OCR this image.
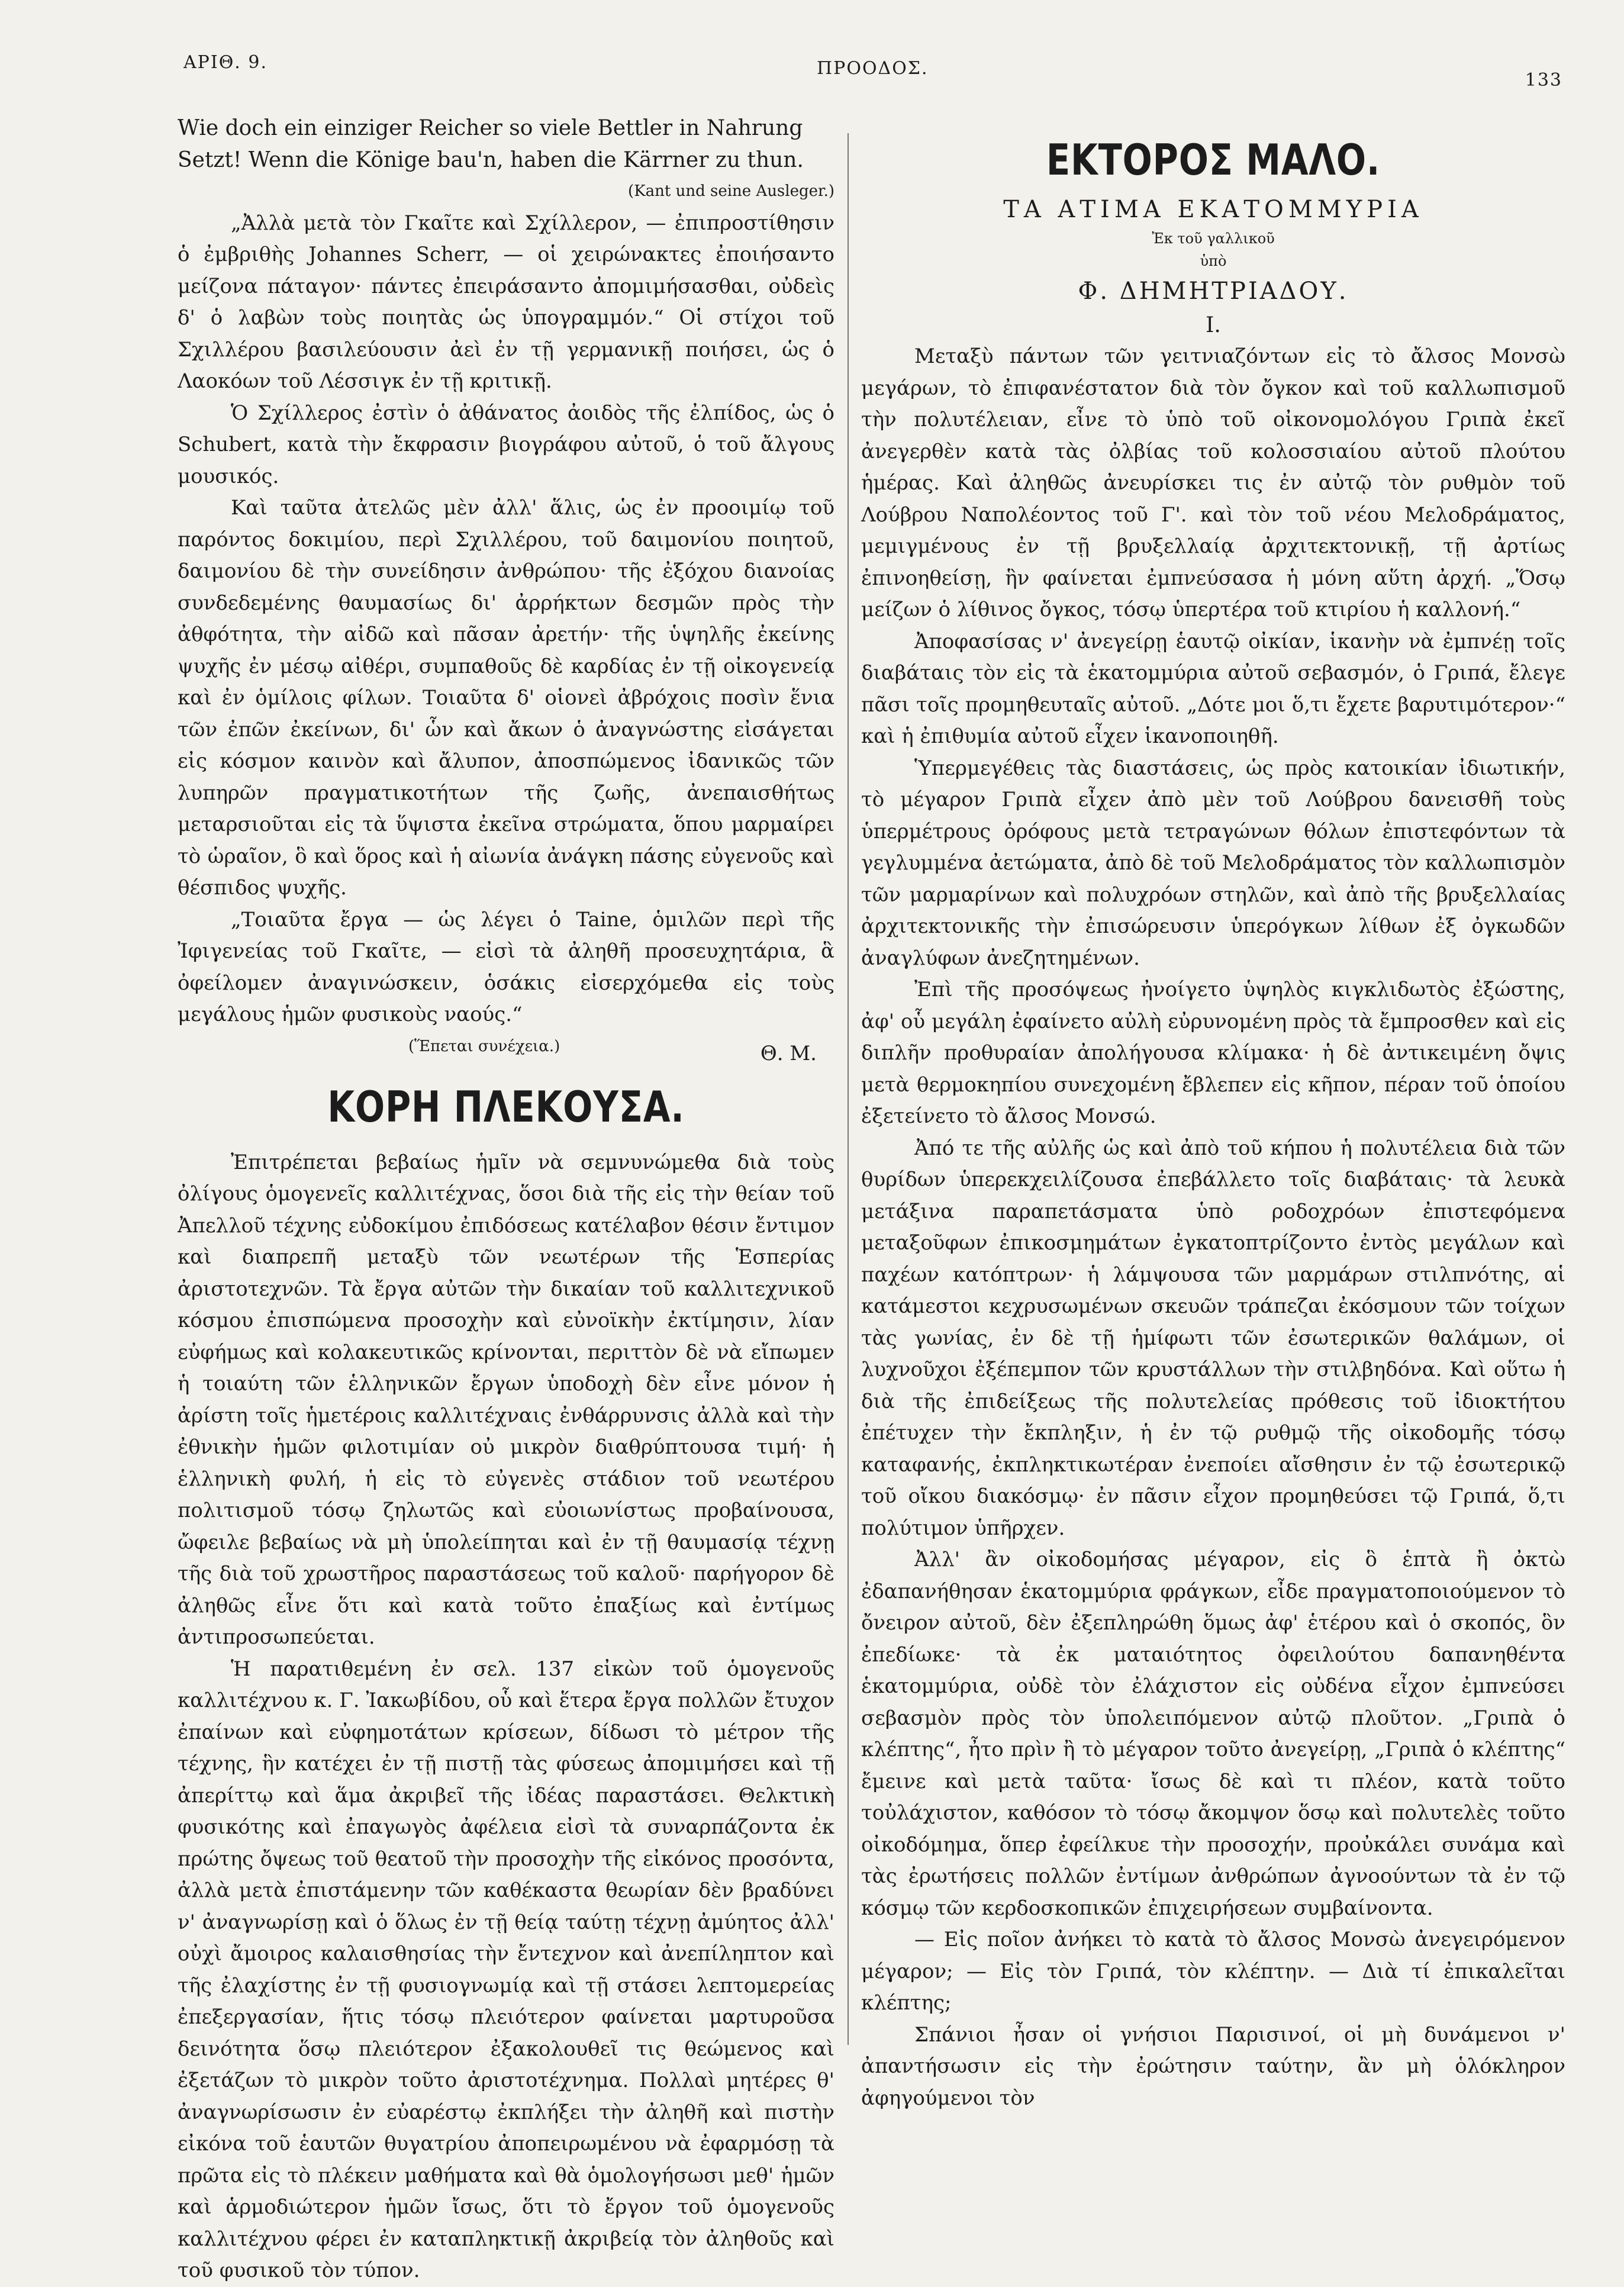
ΑΡΙΘ. 9.	ΠΡΟΟΔΟΣ.
133

Wie doch ein einziger Reicher so viele Bettler in Nahrung

Setzt! Wenn die Könige bau'n, haben die Kärrner zu thun.

(Kant und seine Ausleger.)

„Ἀλλὰ μετὰ τὸν Γκαῖτε καὶ Σχίλλερον, — ἐπιπροστίθησιν ὁ ἐμβριθὴς Johannes Scherr, — οἱ χειρώνακτες ἐποιήσαντο μείζονα πάταγον· πάντες ἐπειράσαντο ἀπομιμήσασθαι, οὐδεὶς δ' ὁ λαβὼν τοὺς ποιητὰς ὡς ὑπογραμμόν.“ Οἱ στίχοι τοῦ Σχιλλέρου βασιλεύουσιν ἀεὶ ἐν τῇ γερμανικῇ ποιήσει, ὡς ὁ Λαοκόων τοῦ Λέσσιγκ ἐν τῇ κριτικῇ.

Ὁ Σχίλλερος ἐστὶν ὁ ἀθάνατος ἀοιδὸς τῆς ἐλπίδος, ὡς ὁ Schubert, κατὰ τὴν ἔκφρασιν βιογράφου αὐτοῦ, ὁ τοῦ ἄλγους μουσικός.

Καὶ ταῦτα ἀτελῶς μὲν ἀλλ' ἅλις, ὡς ἐν προοιμίῳ τοῦ παρόντος δοκιμίου, περὶ Σχιλλέρου, τοῦ δαιμονίου ποιητοῦ, δαιμονίου δὲ τὴν συνείδησιν ἀνθρώπου· τῆς ἐξόχου διανοίας συνδεδεμένης θαυμασίως δι' ἀρρήκτων δεσμῶν πρὸς τὴν ἀθφότητα, τὴν αἰδῶ καὶ πᾶσαν ἀρετήν· τῆς ὑψηλῆς ἐκείνης ψυχῆς ἐν μέσῳ αἰθέρι, συμπαθοῦς δὲ καρδίας ἐν τῇ οἰκογενείᾳ καὶ ἐν ὁμίλοις φίλων. Τοιαῦτα δ' οἱονεὶ ἀβρόχοις ποσὶν ἕνια τῶν ἐπῶν ἐκείνων, δι' ὧν καὶ ἄκων ὁ ἀναγνώστης εἰσάγεται εἰς κόσμον καινὸν καὶ ἄλυπον, ἀποσπώμενος ἰδανικῶς τῶν λυπηρῶν πραγματικοτήτων τῆς ζωῆς, ἀνεπαισθήτως μεταρσιοῦται εἰς τὰ ὕψιστα ἐκεῖνα στρώματα, ὅπου μαρμαίρει τὸ ὡραῖον, ὃ καὶ ὅρος καὶ ἡ αἰωνία ἀνάγκη πάσης εὐγενοῦς καὶ θέσπιδος ψυχῆς.

„Τοιαῦτα ἔργα — ὡς λέγει ὁ Taine, ὁμιλῶν περὶ τῆς Ἰφιγενείας τοῦ Γκαῖτε, — εἰσὶ τὰ ἀληθῆ προσευχητάρια, ἃ ὀφείλομεν ἀναγινώσκειν, ὁσάκις εἰσερχόμεθα εἰς τοὺς μεγάλους ἡμῶν φυσικοὺς ναούς.“

(Ἕπεται συνέχεια.)	Θ. Μ.
ΚΟΡΗ ΠΛΕΚΟΥΣΑ.

Ἐπιτρέπεται βεβαίως ἡμῖν νὰ σεμνυνώμεθα διὰ τοὺς ὀλίγους ὁμογενεῖς καλλιτέχνας, ὅσοι διὰ τῆς εἰς τὴν θείαν τοῦ Ἀπελλοῦ τέχνης εὐδοκίμου ἐπιδόσεως κατέλαβον θέσιν ἔντιμον καὶ διαπρεπῆ μεταξὺ τῶν νεωτέρων τῆς Ἑσπερίας ἀριστοτεχνῶν. Τὰ ἔργα αὐτῶν τὴν δικαίαν τοῦ καλλιτεχνικοῦ κόσμου ἐπισπώμενα προσοχὴν καὶ εὐνοϊκὴν ἐκτίμησιν, λίαν εὐφήμως καὶ κολακευτικῶς κρίνονται, περιττὸν δὲ νὰ εἴπωμεν ἡ τοιαύτη τῶν ἑλληνικῶν ἔργων ὑποδοχὴ δὲν εἶνε μόνον ἡ ἀρίστη τοῖς ἡμετέροις καλλιτέχναις ἐνθάρρυνσις ἀλλὰ καὶ τὴν ἐθνικὴν ἡμῶν φιλοτιμίαν οὐ μικρὸν διαθρύπτουσα τιμή· ἡ ἑλληνικὴ φυλή, ἡ εἰς τὸ εὐγενὲς στάδιον τοῦ νεωτέρου πολιτισμοῦ τόσῳ ζηλωτῶς καὶ εὐοιωνίστως προβαίνουσα, ὤφειλε βεβαίως νὰ μὴ ὑπολείπηται καὶ ἐν τῇ θαυμασίᾳ τέχνῃ τῆς διὰ τοῦ χρωστῆρος παραστάσεως τοῦ καλοῦ· παρήγορον δὲ ἀληθῶς εἶνε ὅτι καὶ κατὰ τοῦτο ἐπαξίως καὶ ἐντίμως ἀντιπροσωπεύεται.

Ἡ παρατιθεμένη ἐν σελ. 137 εἰκὼν τοῦ ὁμογενοῦς καλλιτέχνου κ. Γ. Ἰακωβίδου, οὗ καὶ ἕτερα ἔργα πολλῶν ἔτυχον ἐπαίνων καὶ εὐφημοτάτων κρίσεων, δίδωσι τὸ μέτρον τῆς τέχνης, ἣν κατέχει ἐν τῇ πιστῇ τὰς φύσεως ἀπομιμήσει καὶ τῇ ἀπερίττῳ καὶ ἅμα ἀκριβεῖ τῆς ἰδέας παραστάσει. Θελκτικὴ φυσικότης καὶ ἐπαγωγὸς ἀφέλεια εἰσὶ τὰ συναρπάζοντα ἐκ πρώτης ὄψεως τοῦ θεατοῦ τὴν προσοχὴν τῆς εἰκόνος προσόντα, ἀλλὰ μετὰ ἐπιστάμενην τῶν καθέκαστα θεωρίαν δὲν βραδύνει ν' ἀναγνωρίσῃ καὶ ὁ ὅλως ἐν τῇ θείᾳ ταύτῃ τέχνῃ ἀμύητος ἀλλ' οὐχὶ ἄμοιρος καλαισθησίας τὴν ἔντεχνον καὶ ἀνεπίληπτον καὶ τῆς ἐλαχίστης ἐν τῇ φυσιογνωμίᾳ καὶ τῇ στάσει λεπτομερείας ἐπεξεργασίαν, ἥτις τόσῳ πλειότερον φαίνεται μαρτυροῦσα δεινότητα ὅσῳ πλειότερον ἐξακολουθεῖ τις θεώμενος καὶ ἐξετάζων τὸ μικρὸν τοῦτο ἀριστοτέχνημα. Πολλαὶ μητέρες θ' ἀναγνωρίσωσιν ἐν εὐαρέστῳ ἐκπλήξει τὴν ἀληθῆ καὶ πιστὴν εἰκόνα τοῦ ἑαυτῶν θυγατρίου ἀποπειρωμένου νὰ ἐφαρμόσῃ τὰ πρῶτα εἰς τὸ πλέκειν μαθήματα καὶ θὰ ὁμολογήσωσι μεθ' ἡμῶν καὶ ἁρμοδιώτερον ἡμῶν ἴσως, ὅτι τὸ ἔργον τοῦ ὁμογενοῦς καλλιτέχνου φέρει ἐν καταπληκτικῇ ἀκριβείᾳ τὸν ἀληθοῦς καὶ τοῦ φυσικοῦ τὸν τύπον.

ΕΚΤΟΡΟΣ ΜΑΛΟ.

ΤΑ ΑΤΙΜΑ ΕΚΑΤΟΜΜΥΡΙΑ

Ἐκ τοῦ γαλλικοῦ

ὑπὸ

Φ. ΔΗΜΗΤΡΙΑΔΟΥ.

Ι.

Μεταξὺ πάντων τῶν γειτνιαζόντων εἰς τὸ ἄλσος Μονσὼ μεγάρων, τὸ ἐπιφανέστατον διὰ τὸν ὄγκον καὶ τοῦ καλλωπισμοῦ τὴν πολυτέλειαν, εἶνε τὸ ὑπὸ τοῦ οἰκονομολόγου Γριπὰ ἐκεῖ ἀνεγερθὲν κατὰ τὰς ὀλβίας τοῦ κολοσσιαίου αὐτοῦ πλούτου ἡμέρας. Καὶ ἀληθῶς ἀνευρίσκει τις ἐν αὐτῷ τὸν ρυθμὸν τοῦ Λούβρου Ναπολέοντος τοῦ Γ'. καὶ τὸν τοῦ νέου Μελοδράματος, μεμιγμένους ἐν τῇ βρυξελλαίᾳ ἀρχιτεκτονικῇ, τῇ ἀρτίως ἐπινοηθείσῃ, ἣν φαίνεται ἐμπνεύσασα ἡ μόνη αὕτη ἀρχή. „Ὅσῳ μείζων ὁ λίθινος ὄγκος, τόσῳ ὑπερτέρα τοῦ κτιρίου ἡ καλλονή.“

Ἀποφασίσας ν' ἀνεγείρῃ ἑαυτῷ οἰκίαν, ἱκανὴν νὰ ἐμπνέῃ τοῖς διαβάταις τὸν εἰς τὰ ἑκατομμύρια αὐτοῦ σεβασμόν, ὁ Γριπά, ἔλεγε πᾶσι τοῖς προμηθευταῖς αὐτοῦ. „Δότε μοι ὅ,τι ἔχετε βαρυτιμότερον·“ καὶ ἡ ἐπιθυμία αὐτοῦ εἶχεν ἱκανοποιηθῆ.

Ὑπερμεγέθεις τὰς διαστάσεις, ὡς πρὸς κατοικίαν ἰδιωτικήν, τὸ μέγαρον Γριπὰ εἶχεν ἀπὸ μὲν τοῦ Λούβρου δανεισθῆ τοὺς ὑπερμέτρους ὀρόφους μετὰ τετραγώνων θόλων ἐπιστεφόντων τὰ γεγλυμμένα ἀετώματα, ἀπὸ δὲ τοῦ Μελοδράματος τὸν καλλωπισμὸν τῶν μαρμαρίνων καὶ πολυχρόων στηλῶν, καὶ ἀπὸ τῆς βρυξελλαίας ἀρχιτεκτονικῆς τὴν ἐπισώρευσιν ὑπερόγκων λίθων ἐξ ὀγκωδῶν ἀναγλύφων ἀνεζητημένων.

Ἐπὶ τῆς προσόψεως ἠνοίγετο ὑψηλὸς κιγκλιδωτὸς ἐξώστης, ἀφ' οὗ μεγάλη ἐφαίνετο αὐλὴ εὐρυνομένη πρὸς τὰ ἔμπροσθεν καὶ εἰς διπλῆν προθυραίαν ἀπολήγουσα κλίμακα· ἡ δὲ ἀντικειμένη ὄψις μετὰ θερμοκηπίου συνεχομένη ἔβλεπεν εἰς κῆπον, πέραν τοῦ ὁποίου ἐξετείνετο τὸ ἄλσος Μονσώ.

Ἀπό τε τῆς αὐλῆς ὡς καὶ ἀπὸ τοῦ κήπου ἡ πολυτέλεια διὰ τῶν θυρίδων ὑπερεκχειλίζουσα ἐπεβάλλετο τοῖς διαβάταις· τὰ λευκὰ μετάξινα παραπετάσματα ὑπὸ ροδοχρόων ἐπιστεφόμενα μεταξοῦφων ἐπικοσμημάτων ἐγκατοπτρίζοντο ἐντὸς μεγάλων καὶ παχέων κατόπτρων· ἡ λάμψουσα τῶν μαρμάρων στιλπνότης, αἱ κατάμεστοι κεχρυσωμένων σκευῶν τράπεζαι ἐκόσμουν τῶν τοίχων τὰς γωνίας, ἐν δὲ τῇ ἡμίφωτι τῶν ἐσωτερικῶν θαλάμων, οἱ λυχνοῦχοι ἐξέπεμπον τῶν κρυστάλλων τὴν στιλβηδόνα. Καὶ οὕτω ἡ διὰ τῆς ἐπιδείξεως τῆς πολυτελείας πρόθεσις τοῦ ἰδιοκτήτου ἐπέτυχεν τὴν ἔκπληξιν, ἡ ἐν τῷ ρυθμῷ τῆς οἰκοδομῆς τόσῳ καταφανής, ἐκπληκτικωτέραν ἐνεποίει αἴσθησιν ἐν τῷ ἐσωτερικῷ τοῦ οἴκου διακόσμῳ· ἐν πᾶσιν εἶχον προμηθεύσει τῷ Γριπά, ὅ,τι πολύτιμον ὑπῆρχεν.

Ἀλλ' ἂν οἰκοδομήσας μέγαρον, εἰς ὃ ἑπτὰ ἢ ὀκτὼ ἐδαπανήθησαν ἑκατομμύρια φράγκων, εἶδε πραγματοποιούμενον τὸ ὄνειρον αὐτοῦ, δὲν ἐξεπληρώθη ὅμως ἀφ' ἑτέρου καὶ ὁ σκοπός, ὃν ἐπεδίωκε· τὰ ἐκ ματαιότητος ὀφειλούτου δαπανηθέντα ἑκατομμύρια, οὐδὲ τὸν ἐλάχιστον εἰς οὐδένα εἶχον ἐμπνεύσει σεβασμὸν πρὸς τὸν ὑπολειπόμενον αὐτῷ πλοῦτον. „Γριπὰ ὁ κλέπτης“, ἦτο πρὶν ἢ τὸ μέγαρον τοῦτο ἀνεγείρῃ, „Γριπὰ ὁ κλέπτης“ ἔμεινε καὶ μετὰ ταῦτα· ἴσως δὲ καὶ τι πλέον, κατὰ τοῦτο τοὐλάχιστον, καθόσον τὸ τόσῳ ἄκομψον ὅσῳ καὶ πολυτελὲς τοῦτο οἰκοδόμημα, ὅπερ ἐφείλκυε τὴν προσοχήν, προὐκάλει συνάμα καὶ τὰς ἐρωτήσεις πολλῶν ἐντίμων ἀνθρώπων ἀγνοούντων τὰ ἐν τῷ κόσμῳ τῶν κερδοσκοπικῶν ἐπιχειρήσεων συμβαίνοντα.

— Εἰς ποῖον ἀνήκει τὸ κατὰ τὸ ἄλσος Μονσὼ ἀνεγειρόμενον μέγαρον; — Εἰς τὸν Γριπά, τὸν κλέπτην. — Διὰ τί ἐπικαλεῖται κλέπτης;

Σπάνιοι ἦσαν οἱ γνήσιοι Παρισινοί, οἱ μὴ δυνάμενοι ν' ἀπαντήσωσιν εἰς τὴν ἐρώτησιν ταύτην, ἂν μὴ ὁλόκληρον ἀφηγούμενοι τὸν
